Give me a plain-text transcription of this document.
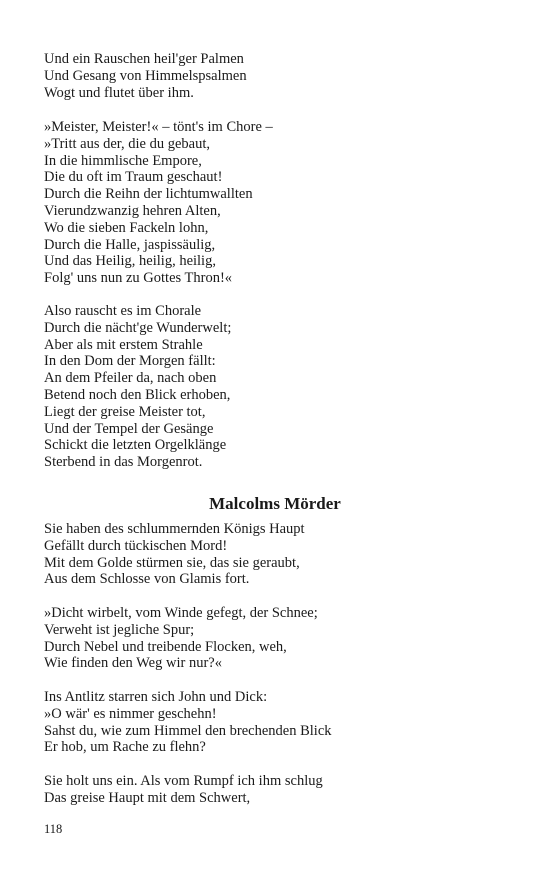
Und ein Rauschen heil'ger Palmen
Und Gesang von Himmelspsalmen
Wogt und flutet über ihm.
»Meister, Meister!« – tönt's im Chore –
»Tritt aus der, die du gebaut,
In die himmlische Empore,
Die du oft im Traum geschaut!
Durch die Reihn der lichtumwallten
Vierundzwanzig hehren Alten,
Wo die sieben Fackeln lohn,
Durch die Halle, jaspissäulig,
Und das Heilig, heilig, heilig,
Folg' uns nun zu Gottes Thron!«
Also rauscht es im Chorale
Durch die nächt'ge Wunderwelt;
Aber als mit erstem Strahle
In den Dom der Morgen fällt:
An dem Pfeiler da, nach oben
Betend noch den Blick erhoben,
Liegt der greise Meister tot,
Und der Tempel der Gesänge
Schickt die letzten Orgelklänge
Sterbend in das Morgenrot.
Malcolms Mörder
Sie haben des schlummernden Königs Haupt
Gefällt durch tückischen Mord!
Mit dem Golde stürmen sie, das sie geraubt,
Aus dem Schlosse von Glamis fort.
»Dicht wirbelt, vom Winde gefegt, der Schnee;
Verweht ist jegliche Spur;
Durch Nebel und treibende Flocken, weh,
Wie finden den Weg wir nur?«
Ins Antlitz starren sich John und Dick:
»O wär' es nimmer geschehn!
Sahst du, wie zum Himmel den brechenden Blick
Er hob, um Rache zu flehn?
Sie holt uns ein. Als vom Rumpf ich ihm schlug
Das greise Haupt mit dem Schwert,
118
